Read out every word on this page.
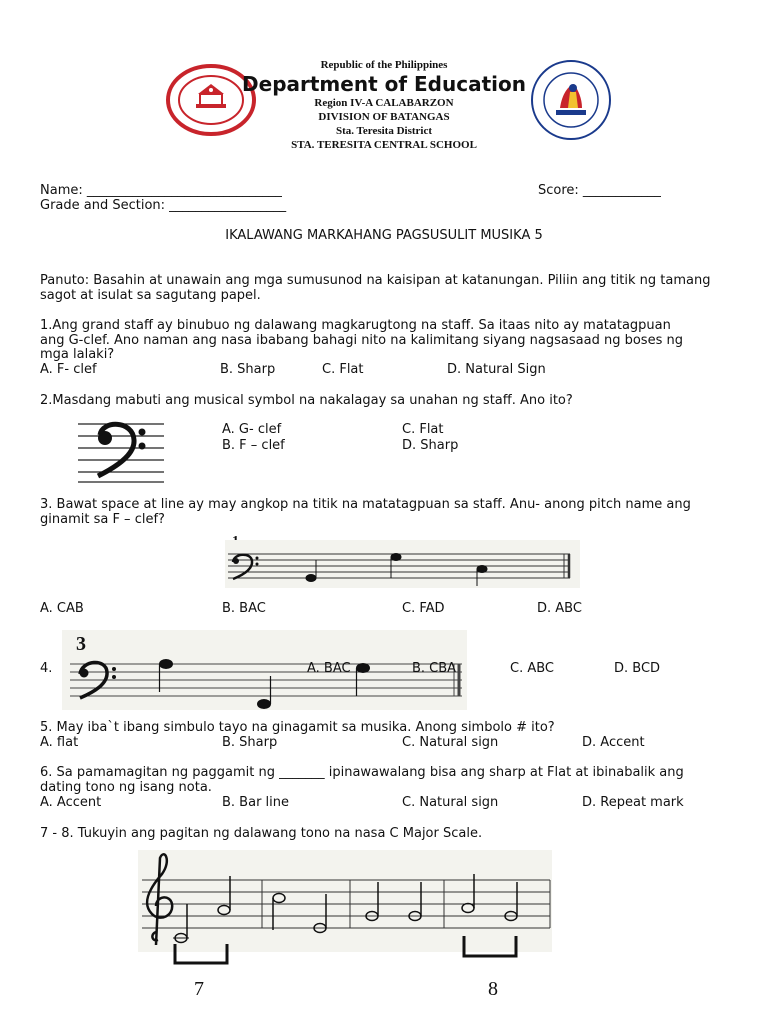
Republic of the Philippines
Department of Education
Region IV-A CALABARZON
DIVISION OF BATANGAS
Sta. Teresita District
STA. TERESITA CENTRAL SCHOOL
Name: ______________________________	Score: ____________
Grade and Section: __________________
IKALAWANG MARKAHANG PAGSUSULIT MUSIKA 5
Panuto: Basahin at unawain ang mga sumusunod na kaisipan at katanungan. Piliin ang titik ng tamang sagot at isulat sa sagutang papel.
1.Ang grand staff ay binubuo ng dalawang magkarugtong na staff. Sa itaas nito ay matatagpuan
ang G-clef. Ano naman ang nasa ibabang bahagi nito na kalimitang siyang nagsasaad ng boses ng
mga lalaki?
A. F- clef	B. Sharp	C. Flat	D. Natural Sign
2.Masdang mabuti ang musical symbol na nakalagay sa unahan ng staff. Ano ito?
A. G- clef
B. F – clef
C. Flat
D. Sharp
3. Bawat space at line ay may angkop na titik na matatagpuan sa staff. Anu- anong pitch name ang
ginamit sa F – clef?
A. CAB	B. BAC	C. FAD	D. ABC
3
4.	A. BAC	B. CBA	C. ABC	D. BCD
5. May iba`t ibang simbulo tayo na ginagamit sa musika. Anong simbolo # ito?
A. flat	B. Sharp	C. Natural sign	D. Accent
6. Sa pamamagitan ng paggamit ng _______ ipinawawalang bisa ang sharp at Flat at ibinabalik ang
dating tono ng isang nota.
A. Accent	B. Bar line	C. Natural sign	D. Repeat mark
7 - 8. Tukuyin ang pagitan ng dalawang tono na nasa C Major Scale.
7	8
